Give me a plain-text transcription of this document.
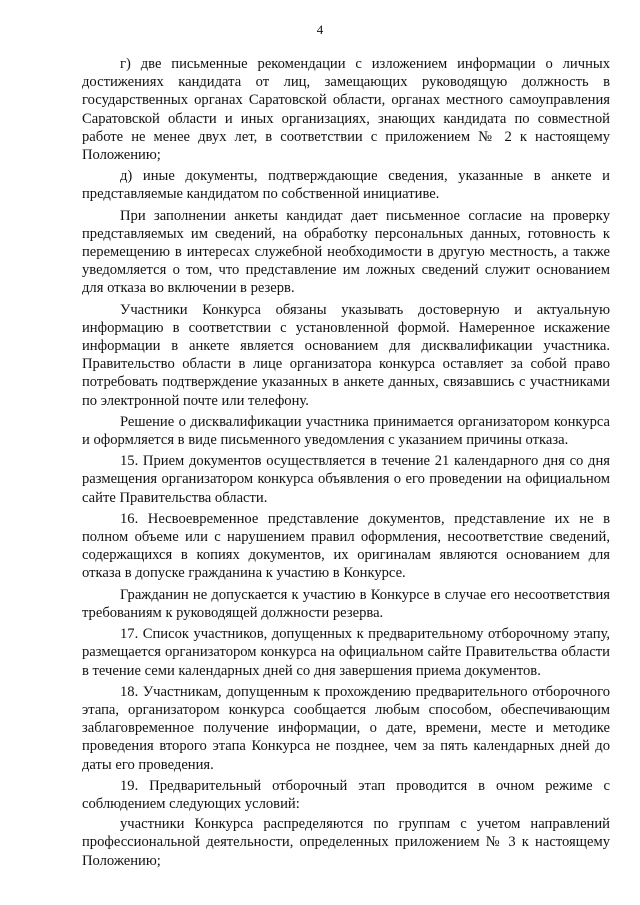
4

г) две письменные рекомендации с изложением информации о личных достижениях кандидата от лиц, замещающих руководящую должность в государственных органах Саратовской области, органах местного самоуправления Саратовской области и иных организациях, знающих кандидата по совместной работе не менее двух лет, в соответствии с приложением № 2 к настоящему Положению;

д) иные документы, подтверждающие сведения, указанные в анкете и представляемые кандидатом по собственной инициативе.

При заполнении анкеты кандидат дает письменное согласие на проверку представляемых им сведений, на обработку персональных данных, готовность к перемещению в интересах служебной необходимости в другую местность, а также уведомляется о том, что представление им ложных сведений служит основанием для отказа во включении в резерв.

Участники Конкурса обязаны указывать достоверную и актуальную информацию в соответствии с установленной формой. Намеренное искажение информации в анкете является основанием для дисквалификации участника. Правительство области в лице организатора конкурса оставляет за собой право потребовать подтверждение указанных в анкете данных, связавшись с участниками по электронной почте или телефону.

Решение о дисквалификации участника принимается организатором конкурса и оформляется в виде письменного уведомления с указанием причины отказа.

15. Прием документов осуществляется в течение 21 календарного дня со дня размещения организатором конкурса объявления о его проведении на официальном сайте Правительства области.

16. Несвоевременное представление документов, представление их не в полном объеме или с нарушением правил оформления, несоответствие сведений, содержащихся в копиях документов, их оригиналам являются основанием для отказа в допуске гражданина к участию в Конкурсе.

Гражданин не допускается к участию в Конкурсе в случае его несоответствия требованиям к руководящей должности резерва.

17. Список участников, допущенных к предварительному отборочному этапу, размещается организатором конкурса на официальном сайте Правительства области в течение семи календарных дней со дня завершения приема документов.

18. Участникам, допущенным к прохождению предварительного отборочного этапа, организатором конкурса сообщается любым способом, обеспечивающим заблаговременное получение информации, о дате, времени, месте и методике проведения второго этапа Конкурса не позднее, чем за пять календарных дней до даты его проведения.

19. Предварительный отборочный этап проводится в очном режиме с соблюдением следующих условий:

участники Конкурса распределяются по группам с учетом направлений профессиональной деятельности, определенных приложением № 3 к настоящему Положению;
